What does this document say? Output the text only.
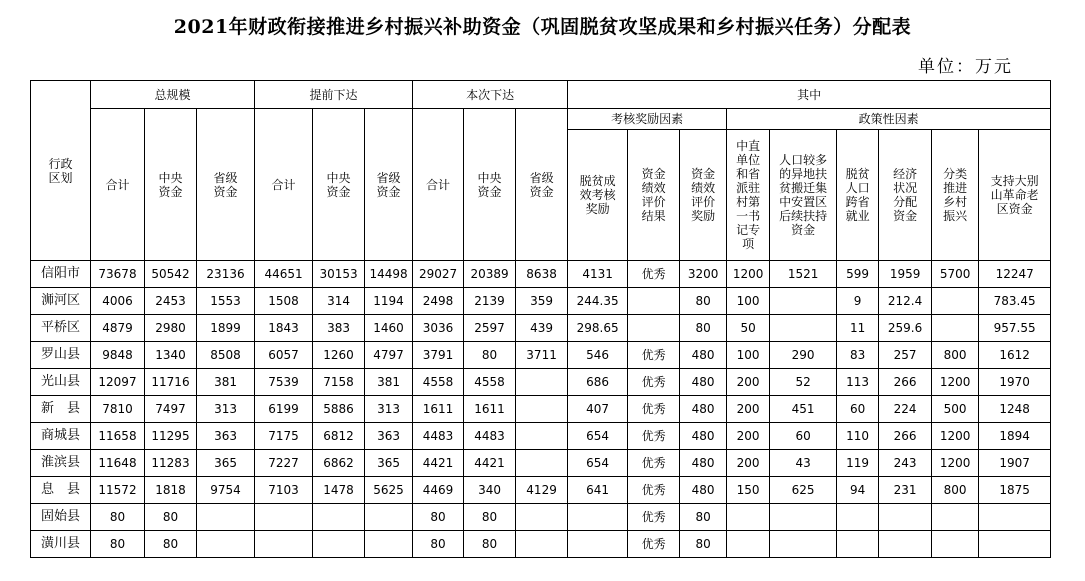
2021年财政衔接推进乡村振兴补助资金（巩固脱贫攻坚成果和乡村振兴任务）分配表
单位：万元
行政区划	总规模			提前下达			本次下达			其中								
	合计	中央资金	省级资金	合计	中央资金	省级资金	合计	中央资金	省级资金	考核奖励因素			政策性因素					

										脱贫成效考核奖励	资金绩效评价结果	资金绩效评价奖励	中直单位和省派驻村第一书记专项	人口较多的异地扶贫搬迁集中安置区后续扶持资金	脱贫人口跨省就业	经济状况分配资金	分类推进乡村振兴	支持大别山革命老区资金

信阳市	73678	50542	23136	44651	30153	14498	29027	20389	8638	4131	优秀	3200	1200	1521	599	1959	5700	12247
浉河区	4006	2453	1553	1508	314	1194	2498	2139	359	244.35		80	100		9	212.4		783.45
平桥区	4879	2980	1899	1843	383	1460	3036	2597	439	298.65		80	50		11	259.6		957.55
罗山县	9848	1340	8508	6057	1260	4797	3791	80	3711	546	优秀	480	100	290	83	257	800	1612
光山县	12097	11716	381	7539	7158	381	4558	4558		686	优秀	480	200	52	113	266	1200	1970
新　县	7810	7497	313	6199	5886	313	1611	1611		407	优秀	480	200	451	60	224	500	1248
商城县	11658	11295	363	7175	6812	363	4483	4483		654	优秀	480	200	60	110	266	1200	1894
淮滨县	11648	11283	365	7227	6862	365	4421	4421		654	优秀	480	200	43	119	243	1200	1907
息　县	11572	1818	9754	7103	1478	5625	4469	340	4129	641	优秀	480	150	625	94	231	800	1875
固始县	80	80					80	80			优秀	80						
潢川县	80	80					80	80			优秀	80						
